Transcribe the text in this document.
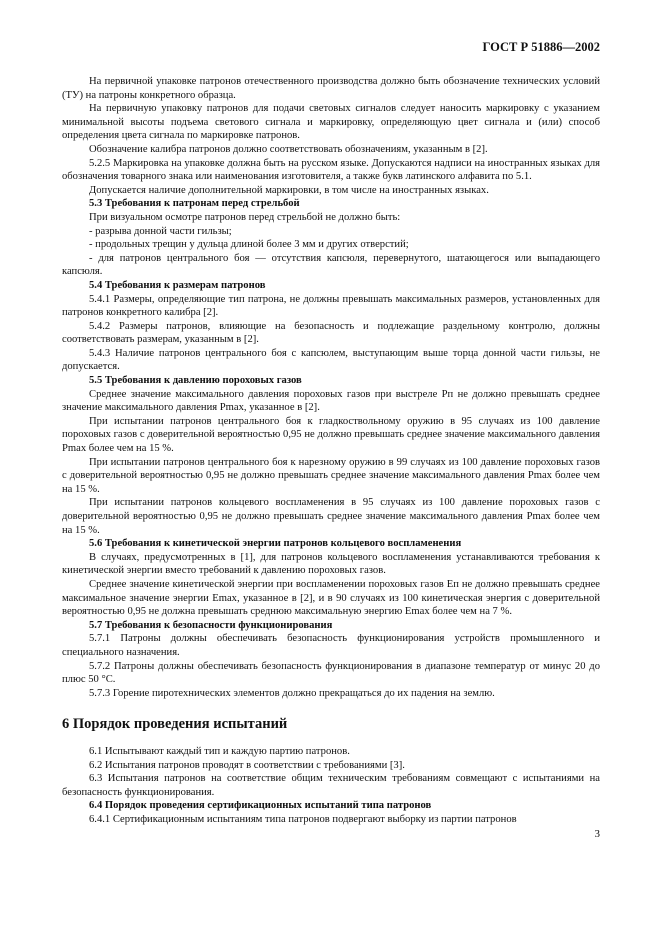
ГОСТ Р 51886—2002

На первичной упаковке патронов отечественного производства должно быть обозначение технических условий (ТУ) на патроны конкретного образца.

На первичную упаковку патронов для подачи световых сигналов следует наносить маркировку с указанием минимальной высоты подъема светового сигнала и маркировку, определяющую цвет сигнала и (или) способ определения цвета сигнала по маркировке патронов.

Обозначение калибра патронов должно соответствовать обозначениям, указанным в [2].

5.2.5 Маркировка на упаковке должна быть на русском языке. Допускаются надписи на иностранных языках для обозначения товарного знака или наименования изготовителя, а также букв латинского алфавита по 5.1.

Допускается наличие дополнительной маркировки, в том числе на иностранных языках.

5.3 Требования к патронам перед стрельбой

При визуальном осмотре патронов перед стрельбой не должно быть:

- разрыва донной части гильзы;

- продольных трещин у дульца длиной более 3 мм и других отверстий;

- для патронов центрального боя — отсутствия капсюля, перевернутого, шатающегося или выпадающего капсюля.

5.4 Требования к размерам патронов

5.4.1 Размеры, определяющие тип патрона, не должны превышать максимальных размеров, установленных для патронов конкретного калибра [2].

5.4.2 Размеры патронов, влияющие на безопасность и подлежащие раздельному контролю, должны соответствовать размерам, указанным в [2].

5.4.3 Наличие патронов центрального боя с капсюлем, выступающим выше торца донной части гильзы, не допускается.

5.5 Требования к давлению пороховых газов

Среднее значение максимального давления пороховых газов при выстреле Pп не должно превышать среднее значение максимального давления Pmax, указанное в [2].

При испытании патронов центрального боя к гладкоствольному оружию в 95 случаях из 100 давление пороховых газов с доверительной вероятностью 0,95 не должно превышать среднее значение максимального давления Pmax более чем на 15 %.

При испытании патронов центрального боя к нарезному оружию в 99 случаях из 100 давление пороховых газов с доверительной вероятностью 0,95 не должно превышать среднее значение максимального давления Pmax более чем на 15 %.

При испытании патронов кольцевого воспламенения в 95 случаях из 100 давление пороховых газов с доверительной вероятностью 0,95 не должно превышать среднее значение максимального давления Pmax более чем на 15 %.

5.6 Требования к кинетической энергии патронов кольцевого воспламенения

В случаях, предусмотренных в [1], для патронов кольцевого воспламенения устанавливаются требования к кинетической энергии вместо требований к давлению пороховых газов.

Среднее значение кинетической энергии при воспламенении пороховых газов Eп не должно превышать среднее максимальное значение энергии Emax, указанное в [2], и в 90 случаях из 100 кинетическая энергия с доверительной вероятностью 0,95 не должна превышать среднюю максимальную энергию Emax более чем на 7 %.

5.7 Требования к безопасности функционирования

5.7.1 Патроны должны обеспечивать безопасность функционирования устройств промышленного и специального назначения.

5.7.2 Патроны должны обеспечивать безопасность функционирования в диапазоне температур от минус 20 до плюс 50 °С.

5.7.3 Горение пиротехнических элементов должно прекращаться до их падения на землю.

6 Порядок проведения испытаний

6.1 Испытывают каждый тип и каждую партию патронов.

6.2 Испытания патронов проводят в соответствии с требованиями [3].

6.3 Испытания патронов на соответствие общим техническим требованиям совмещают с испытаниями на безопасность функционирования.

6.4 Порядок проведения сертификационных испытаний типа патронов

6.4.1 Сертификационным испытаниям типа патронов подвергают выборку из партии патронов

3
